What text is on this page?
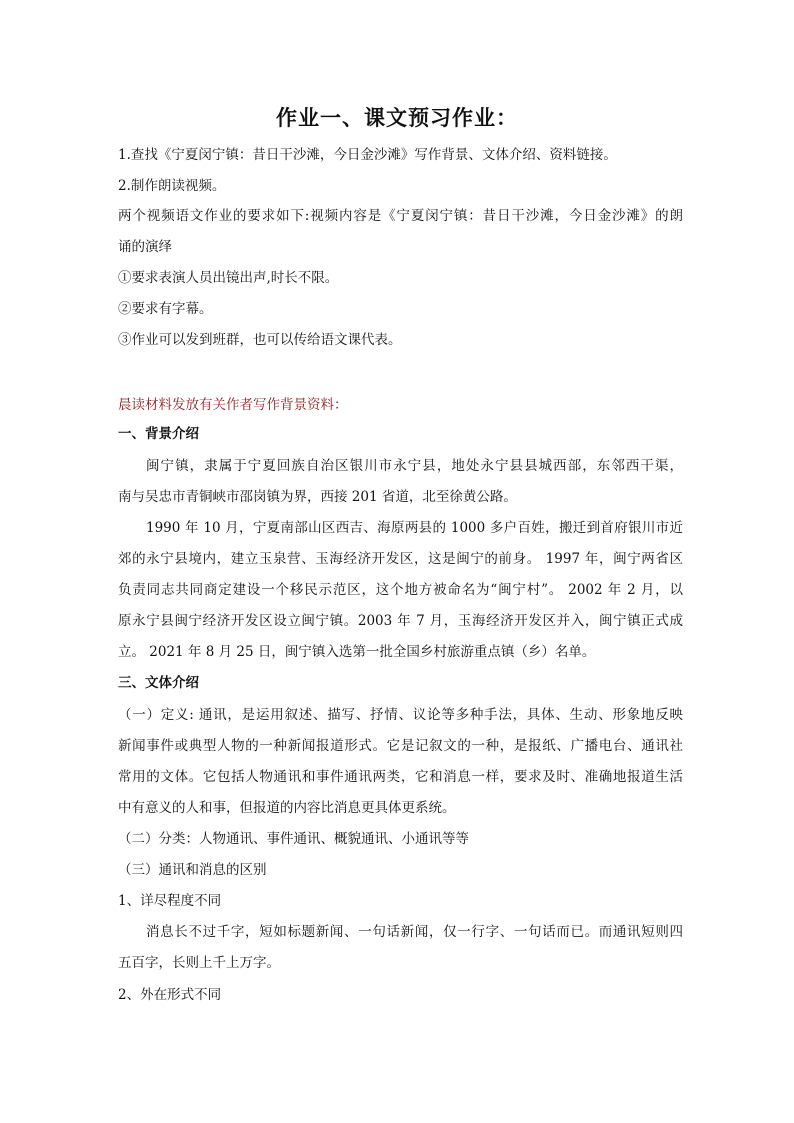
作业一、课文预习作业：
1.查找《宁夏闵宁镇：昔日干沙滩，今日金沙滩》写作背景、文体介绍、资料链接。
2.制作朗读视频。
两个视频语文作业的要求如下:视频内容是《宁夏闵宁镇：昔日干沙滩，今日金沙滩》的朗
诵的演绎
①要求表演人员出镜出声,时长不限。
②要求有字幕。
③作业可以发到班群，也可以传给语文课代表。
晨读材料发放有关作者写作背景资料：
一、背景介绍
闽宁镇，隶属于宁夏回族自治区银川市永宁县，地处永宁县县城西部，东邻西干渠，
南与吴忠市青铜峡市邵岗镇为界，西接 201 省道，北至徐黄公路。
1990 年 10 月，宁夏南部山区西吉、海原两县的 1000 多户百姓，搬迁到首府银川市近
郊的永宁县境内，建立玉泉营、玉海经济开发区，这是闽宁的前身。 1997 年，闽宁两省区
负责同志共同商定建设一个移民示范区，这个地方被命名为“闽宁村”。 2002 年 2 月，以
原永宁县闽宁经济开发区设立闽宁镇。2003 年 7 月，玉海经济开发区并入，闽宁镇正式成
立。 2021 年 8 月 25 日，闽宁镇入选第一批全国乡村旅游重点镇（乡）名单。
三、文体介绍
（一）定义: 通讯，是运用叙述、描写、抒情、议论等多种手法，具体、生动、形象地反映
新闻事件或典型人物的一种新闻报道形式。它是记叙文的一种，是报纸、广播电台、通讯社
常用的文体。它包括人物通讯和事件通讯两类，它和消息一样，要求及时、准确地报道生活
中有意义的人和事，但报道的内容比消息更具体更系统。
（二）分类：人物通讯、事件通讯、概貌通讯、小通讯等等
（三）通讯和消息的区别
1、详尽程度不同
消息长不过千字，短如标题新闻、一句话新闻，仅一行字、一句话而已。而通讯短则四
五百字，长则上千上万字。
2、外在形式不同
